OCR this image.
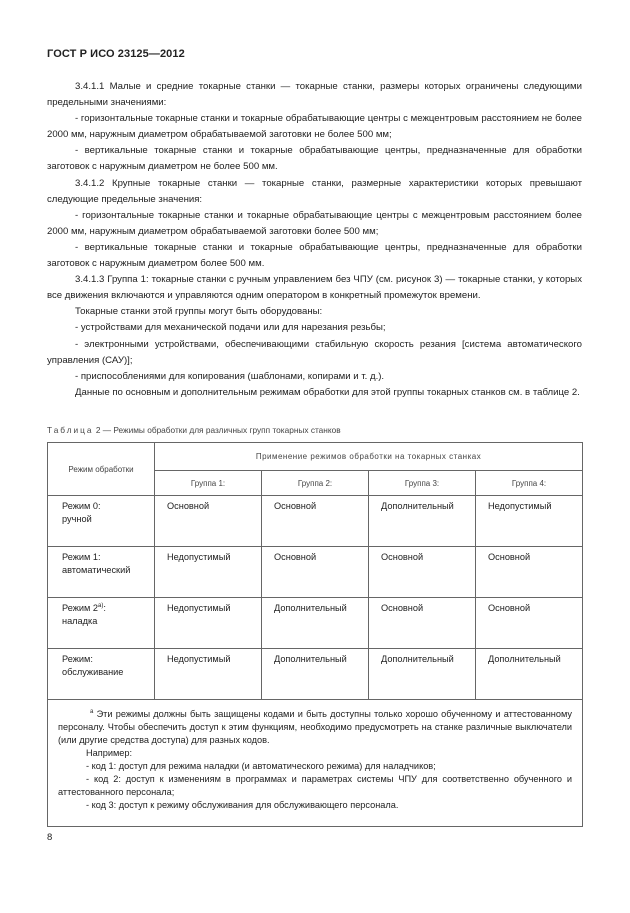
ГОСТ Р ИСО 23125—2012

3.4.1.1 Малые и средние токарные станки — токарные станки, размеры которых ограничены следующими предельными значениями:

- горизонтальные токарные станки и токарные обрабатывающие центры с межцентровым расстоянием не более 2000 мм, наружным диаметром обрабатываемой заготовки не более 500 мм;

- вертикальные токарные станки и токарные обрабатывающие центры, предназначенные для обработки заготовок с наружным диаметром не более 500 мм.

3.4.1.2 Крупные токарные станки — токарные станки, размерные характеристики которых превышают следующие предельные значения:

- горизонтальные токарные станки и токарные обрабатывающие центры с межцентровым расстоянием более 2000 мм, наружным диаметром обрабатываемой заготовки более 500 мм;

- вертикальные токарные станки и токарные обрабатывающие центры, предназначенные для обработки заготовок с наружным диаметром более 500 мм.

3.4.1.3 Группа 1: токарные станки с ручным управлением без ЧПУ (см. рисунок 3) — токарные станки, у которых все движения включаются и управляются одним оператором в конкретный промежуток времени.

Токарные станки этой группы могут быть оборудованы:

- устройствами для механической подачи или для нарезания резьбы;

- электронными устройствами, обеспечивающими стабильную скорость резания [система автоматического управления (САУ)];

- приспособлениями для копирования (шаблонами, копирами и т. д.).

Данные по основным и дополнительным режимам обработки для этой группы токарных станков см. в таблице 2.

Таблица 2 — Режимы обработки для различных групп токарных станков
Режим обработки	Применение режимов обработки на токарных станках			
	Группа 1:	Группа 2:	Группа 3:	Группа 4:
Режим 0:
ручной	Основной	Основной	Дополнительный	Недопустимый
Режим 1:
автоматический	Недопустимый	Основной	Основной	Основной
Режим 2$^{a)}$:
наладка	Недопустимый	Дополнительный	Основной	Основной
Режим:
обслуживание	Недопустимый	Дополнительный	Дополнительный	Дополнительный

$^a$ Эти режимы должны быть защищены кодами и быть доступны только хорошо обученному и аттестованному персоналу. Чтобы обеспечить доступ к этим функциям, необходимо предусмотреть на станке различные выключатели (или другие средства доступа) для разных кодов.

Например:

- код 1: доступ для режима наладки (и автоматического режима) для наладчиков;

- код 2: доступ к изменениям в программах и параметрах системы ЧПУ для соответственно обученного и аттестованного персонала;

- код 3: доступ к режиму обслуживания для обслуживающего персонала.				

8
